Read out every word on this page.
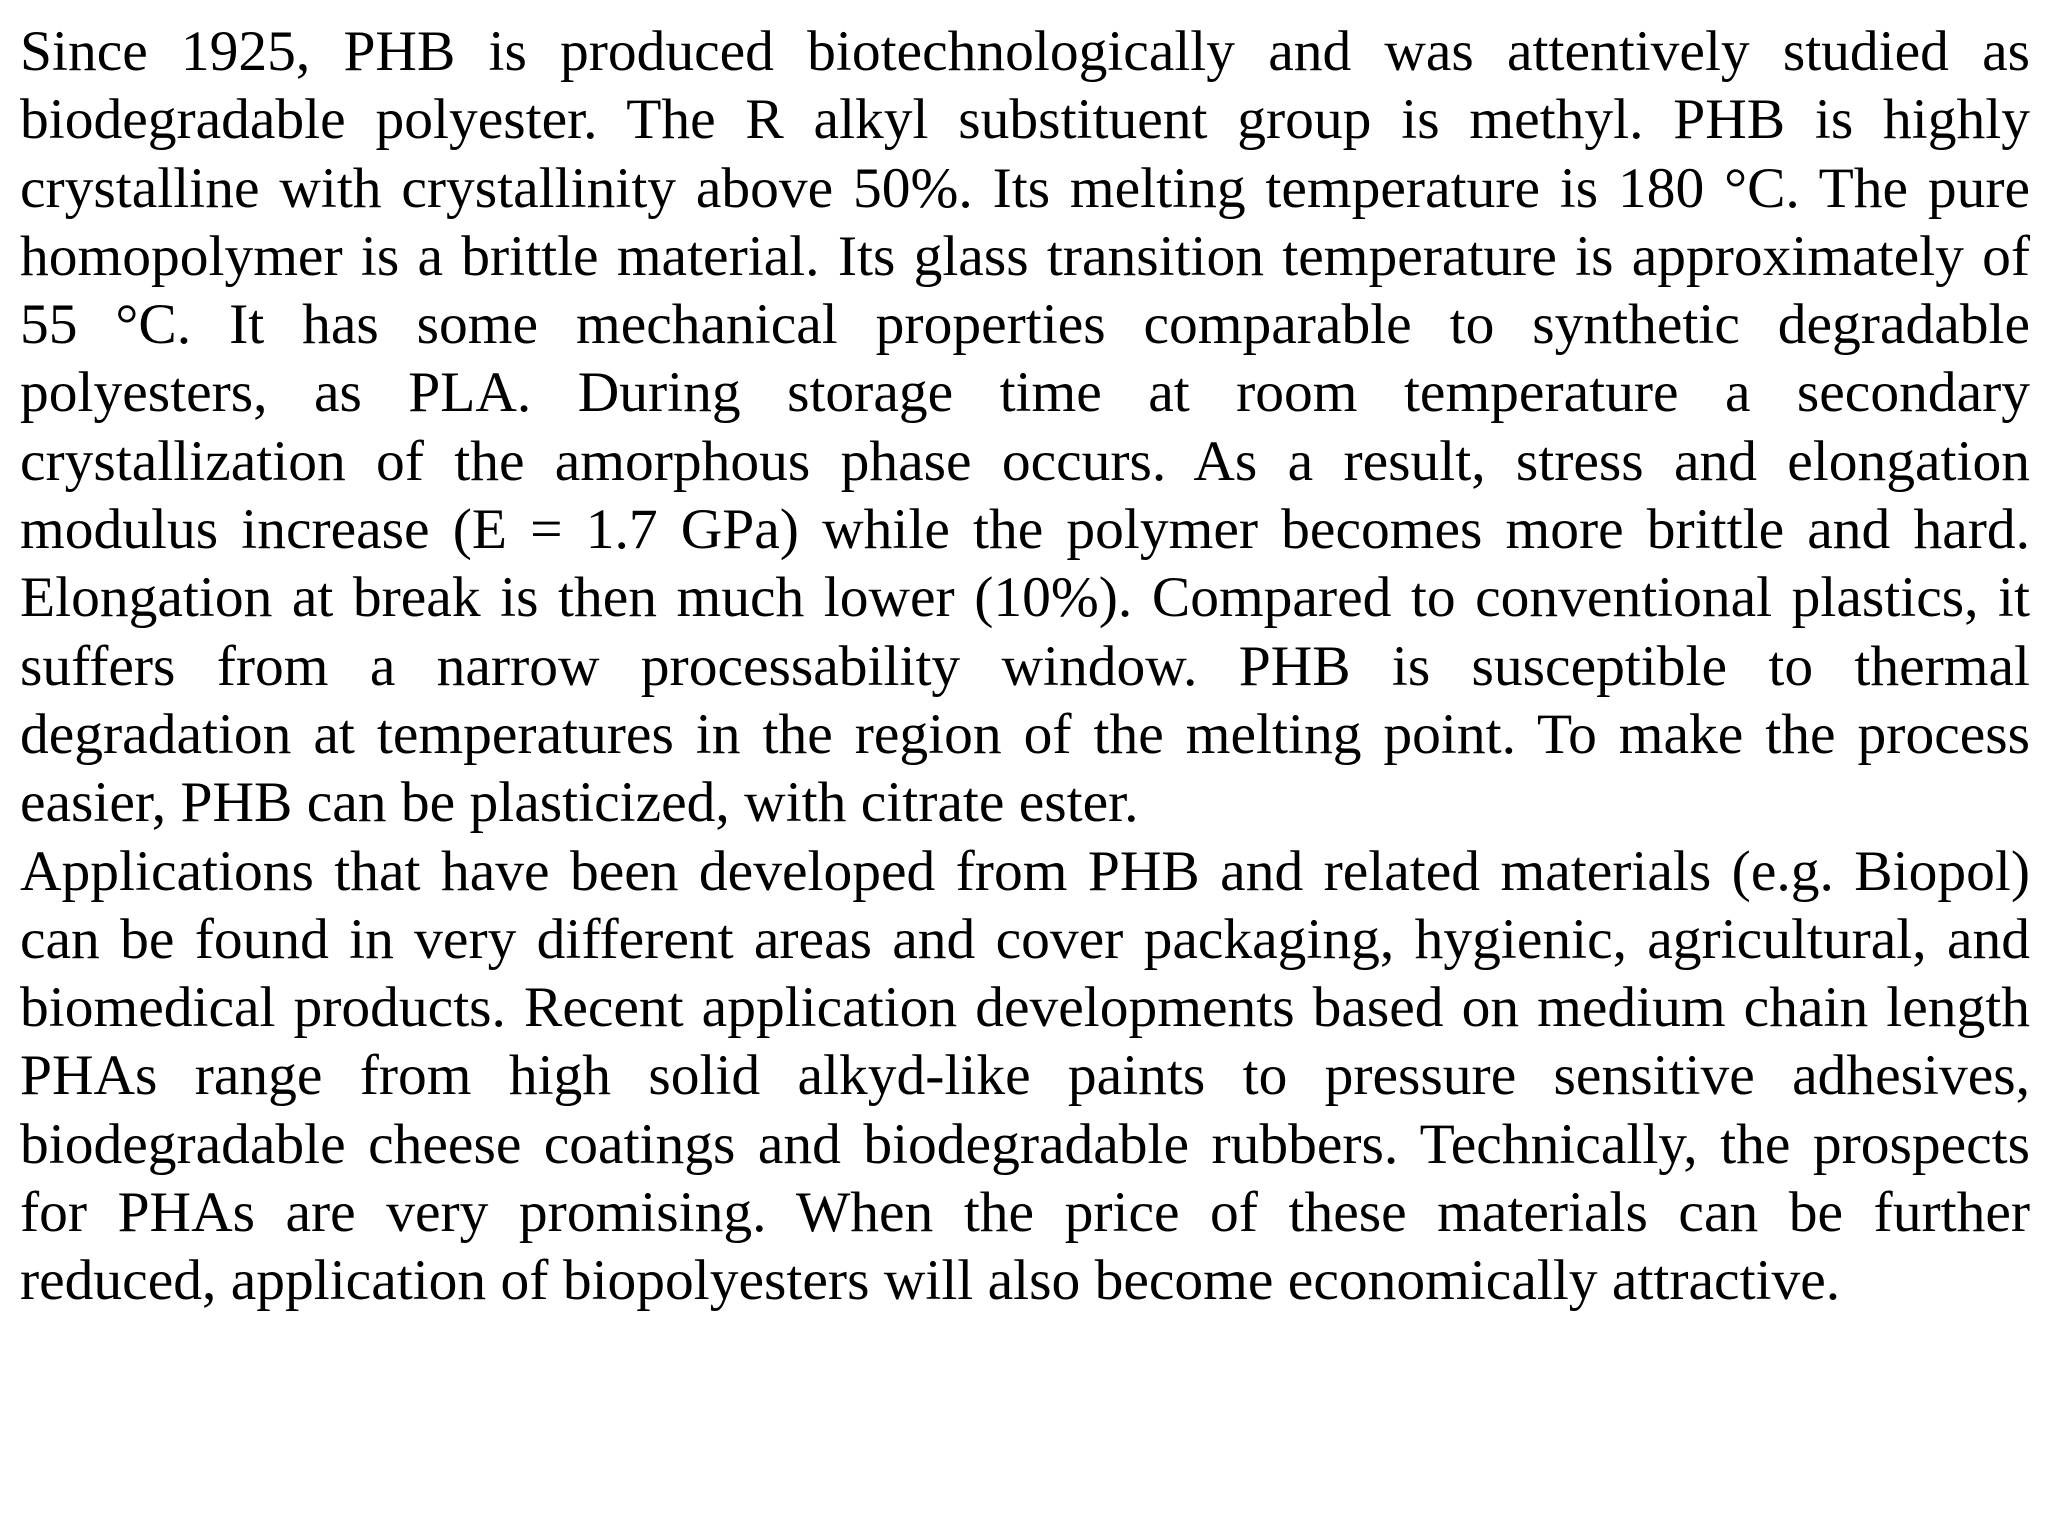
Since 1925, PHB is produced biotechnologically and was attentively studied as biodegradable polyester. The R alkyl substituent group is methyl. PHB is highly crystalline with crystallinity above 50%. Its melting temperature is 180 °C. The pure homopolymer is a brittle material. Its glass transition temperature is approximately of 55 °C. It has some mechanical properties comparable to synthetic degradable polyesters, as PLA. During storage time at room temperature a secondary crystallization of the amorphous phase occurs. As a result, stress and elongation modulus increase (E = 1.7 GPa) while the polymer becomes more brittle and hard. Elongation at break is then much lower (10%). Compared to conventional plastics, it suffers from a narrow processability window. PHB is susceptible to thermal degradation at temperatures in the region of the melting point. To make the process easier, PHB can be plasticized, with citrate ester.

Applications that have been developed from PHB and related materials (e.g. Biopol) can be found in very different areas and cover packaging, hygienic, agricultural, and biomedical products. Recent application developments based on medium chain length PHAs range from high solid alkyd-like paints to pressure sensitive adhesives, biodegradable cheese coatings and biodegradable rubbers. Technically, the prospects for PHAs are very promising. When the price of these materials can be further reduced, application of biopolyesters will also become economically attractive.
